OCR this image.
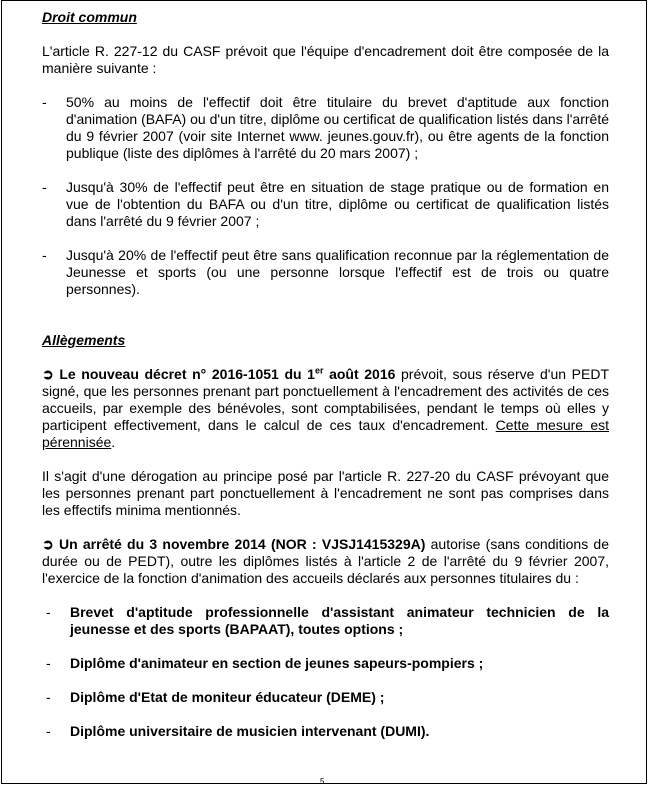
Droit commun

L'article R. 227-12 du CASF prévoit que l'équipe d'encadrement doit être composée de la manière suivante :

- 50% au moins de l'effectif doit être titulaire du brevet d'aptitude aux fonction d'animation (BAFA) ou d'un titre, diplôme ou certificat de qualification listés dans l'arrêté du 9 février 2007 (voir site Internet www. jeunes.gouv.fr), ou être agents de la fonction publique (liste des diplômes à l'arrêté du 20 mars 2007) ;
- Jusqu'à 30% de l'effectif peut être en situation de stage pratique ou de formation en vue de l'obtention du BAFA ou d'un titre, diplôme ou certificat de qualification listés dans l'arrêté du 9 février 2007 ;
- Jusqu'à 20% de l'effectif peut être sans qualification reconnue par la réglementation de Jeunesse et sports (ou une personne lorsque l'effectif est de trois ou quatre personnes).
Allègements

➲ Le nouveau décret n° 2016-1051 du 1er août 2016 prévoit, sous réserve d'un PEDT signé, que les personnes prenant part ponctuellement à l'encadrement des activités de ces accueils, par exemple des bénévoles, sont comptabilisées, pendant le temps où elles y participent effectivement, dans le calcul de ces taux d'encadrement. Cette mesure est pérennisée.

Il s'agit d'une dérogation au principe posé par l'article R. 227-20 du CASF prévoyant que les personnes prenant part ponctuellement à l'encadrement ne sont pas comprises dans les effectifs minima mentionnés.

➲ Un arrêté du 3 novembre 2014 (NOR : VJSJ1415329A) autorise (sans conditions de durée ou de PEDT), outre les diplômes listés à l'article 2 de l'arrêté du 9 février 2007, l'exercice de la fonction d'animation des accueils déclarés aux personnes titulaires du :

- Brevet d'aptitude professionnelle d'assistant animateur technicien de la jeunesse et des sports (BAPAAT), toutes options ;
- Diplôme d'animateur en section de jeunes sapeurs-pompiers ;
- Diplôme d'Etat de moniteur éducateur (DEME) ;
- Diplôme universitaire de musicien intervenant (DUMI).
5
